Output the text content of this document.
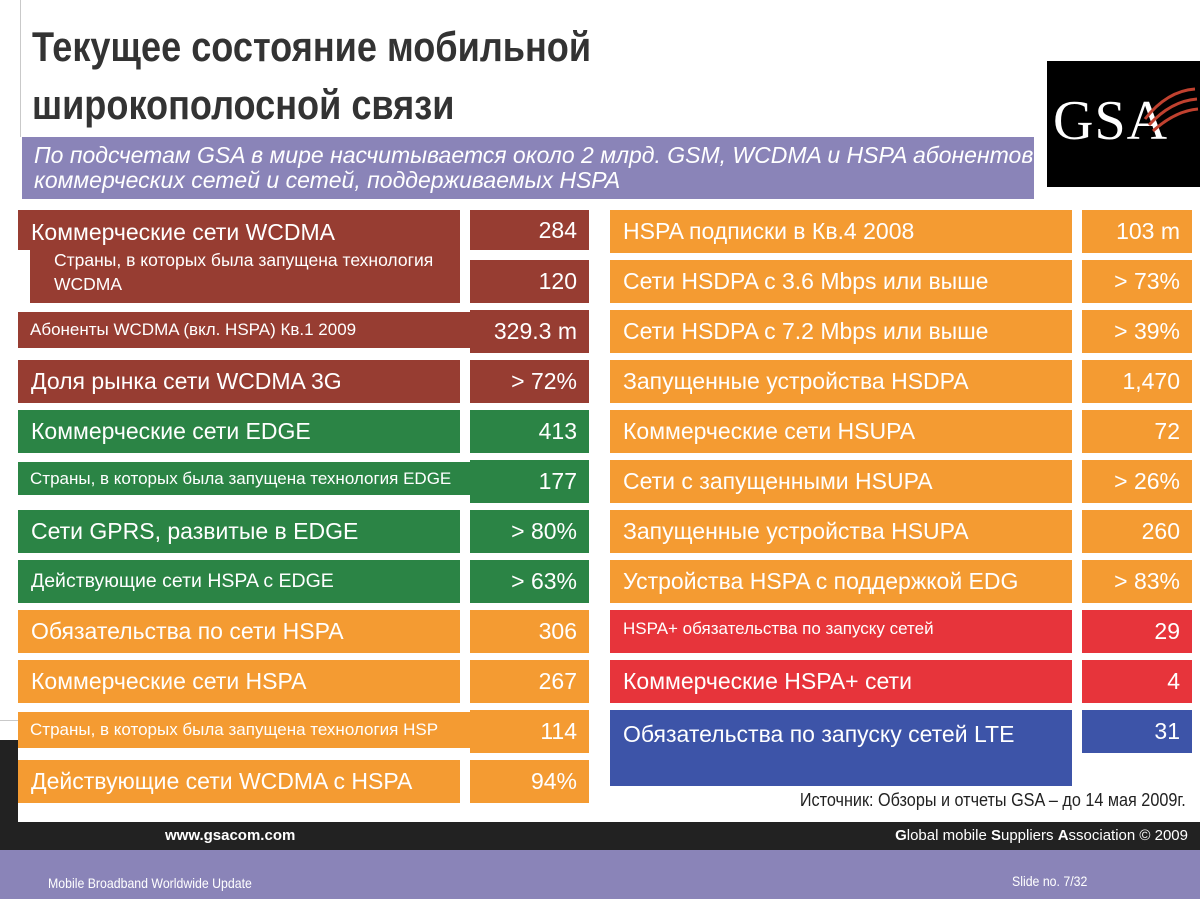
Текущее состояние мобильной широкополосной связи	GSA
По подсчетам GSA в мире насчитывается около 2 млрд. GSM, WCDMA и HSPA абонентов коммерческих сетей и сетей, поддерживаемых HSPA
Коммерческие сети WCDMA	284
Страны, в которых была запущена технология WCDMA	120
Абоненты WCDMA (вкл. HSPA) Кв.1 2009	329.3 m
Доля рынка сети WCDMA 3G	> 72%
Коммерческие сети EDGE	413
Страны, в которых была запущена технология EDGE	177
Сети GPRS, развитые в EDGE	> 80%
Действующие сети HSPA с EDGE	> 63%
Обязательства по сети HSPA	306
Коммерческие сети HSPA	267
Страны, в которых была запущена технология HSP	114
Действующие сети WCDMA с HSPA	94%
HSPA подписки в Кв.4 2008	103 m
Сети HSDPA с 3.6 Mbps или выше	> 73%
Сети HSDPA с 7.2 Mbps или выше	> 39%
Запущенные устройства HSDPA	1,470
Коммерческие сети HSUPA	72
Сети с запущенными HSUPA	> 26%
Запущенные устройства HSUPA	260
Устройства HSPA с поддержкой EDG	> 83%
HSPA+ обязательства по запуску сетей	29
Коммерческие HSPA+ сети	4
Обязательства по запуску сетей LTE	31
Источник: Обзоры и отчеты GSA – до 14 мая 2009г.
www.gsacom.com	Global mobile Suppliers Association © 2009
Mobile Broadband Worldwide Update	Slide no. 7/32
